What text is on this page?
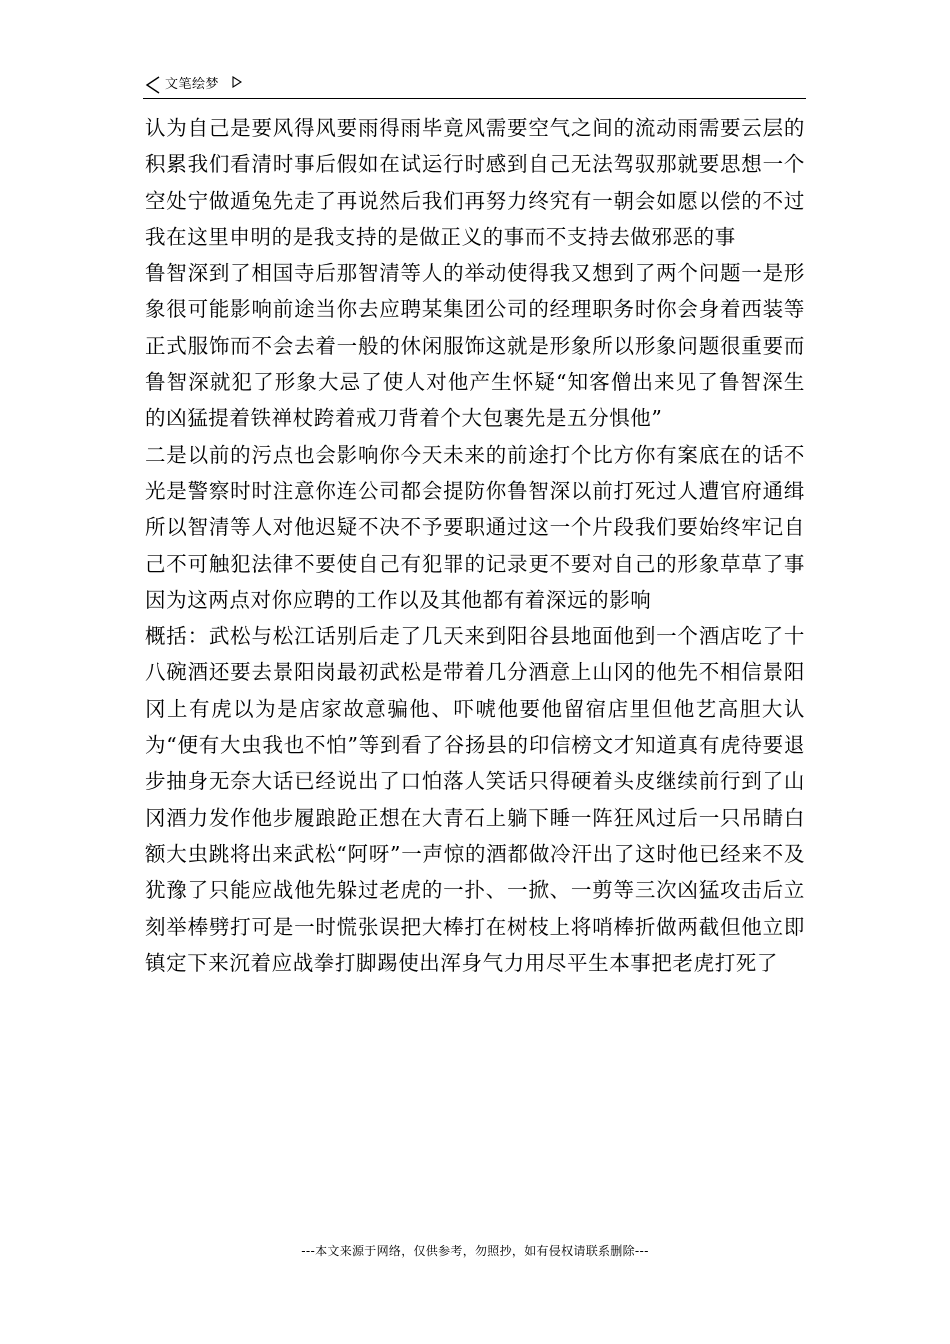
文笔绘梦

认为自己是要风得风要雨得雨毕竟风需要空气之间的流动雨需要云层的积累我们看清时事后假如在试运行时感到自己无法驾驭那就要思想一个空处宁做遁兔先走了再说然后我们再努力终究有一朝会如愿以偿的不过我在这里申明的是我支持的是做正义的事而不支持去做邪恶的事

鲁智深到了相国寺后那智清等人的举动使得我又想到了两个问题一是形象很可能影响前途当你去应聘某集团公司的经理职务时你会身着西装等正式服饰而不会去着一般的休闲服饰这就是形象所以形象问题很重要而鲁智深就犯了形象大忌了使人对他产生怀疑“知客僧出来见了鲁智深生的凶猛提着铁禅杖跨着戒刀背着个大包裹先是五分惧他”

二是以前的污点也会影响你今天未来的前途打个比方你有案底在的话不光是警察时时注意你连公司都会提防你鲁智深以前打死过人遭官府通缉所以智清等人对他迟疑不决不予要职通过这一个片段我们要始终牢记自己不可触犯法律不要使自己有犯罪的记录更不要对自己的形象草草了事因为这两点对你应聘的工作以及其他都有着深远的影响

概括：武松与松江话别后走了几天来到阳谷县地面他到一个酒店吃了十八碗酒还要去景阳岗最初武松是带着几分酒意上山冈的他先不相信景阳冈上有虎以为是店家故意骗他、吓唬他要他留宿店里但他艺高胆大认为“便有大虫我也不怕”等到看了谷扬县的印信榜文才知道真有虎待要退步抽身无奈大话已经说出了口怕落人笑话只得硬着头皮继续前行到了山冈酒力发作他步履踉跄正想在大青石上躺下睡一阵狂风过后一只吊睛白额大虫跳将出来武松“阿呀”一声惊的酒都做冷汗出了这时他已经来不及犹豫了只能应战他先躲过老虎的一扑、一掀、一剪等三次凶猛攻击后立刻举棒劈打可是一时慌张误把大棒打在树枝上将哨棒折做两截但他立即镇定下来沉着应战拳打脚踢使出浑身气力用尽平生本事把老虎打死了

---本文来源于网络，仅供参考，勿照抄，如有侵权请联系删除---
